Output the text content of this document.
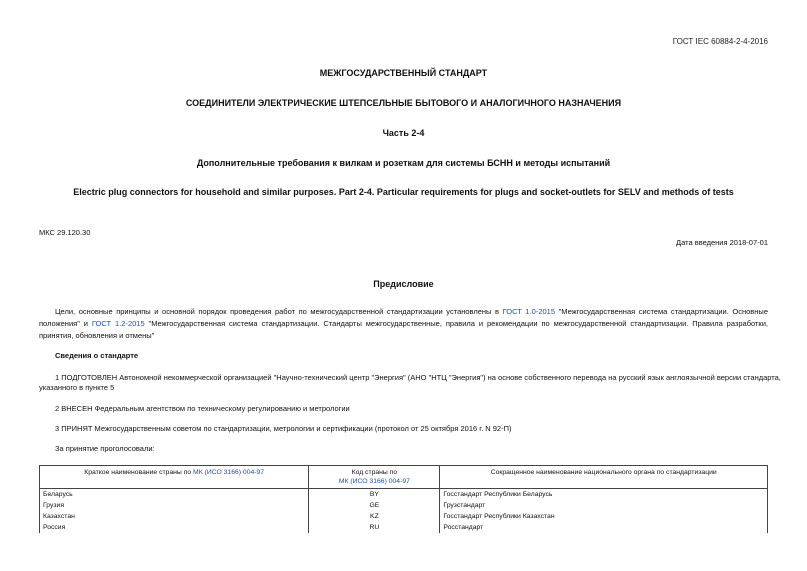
ГОСТ IEC 60884-2-4-2016
МЕЖГОСУДАРСТВЕННЫЙ СТАНДАРТ
СОЕДИНИТЕЛИ ЭЛЕКТРИЧЕСКИЕ ШТЕПСЕЛЬНЫЕ БЫТОВОГО И АНАЛОГИЧНОГО НАЗНАЧЕНИЯ
Часть 2-4
Дополнительные требования к вилкам и розеткам для системы БСНН и методы испытаний
Electric plug connectors for household and similar purposes. Part 2-4. Particular requirements for plugs and socket-outlets for SELV and methods of tests
МКС 29.120.30
Дата введения 2018-07-01
Предисловие
Цели, основные принципы и основной порядок проведения работ по межгосударственной стандартизации установлены в ГОСТ 1.0-2015 "Межгосударственная система стандартизации. Основные положения" и ГОСТ 1.2-2015 "Межгосударственная система стандартизации. Стандарты межгосударственные, правила и рекомендации по межгосударственной стандартизации. Правила разработки, принятия, обновления и отмены"
Сведения о стандарте
1 ПОДГОТОВЛЕН Автономной некоммерческой организацией "Научно-технический центр "Энергия" (АНО "НТЦ "Энергия") на основе собственного перевода на русский язык англоязычной версии стандарта,
указанного в пункте 5
2 ВНЕСЕН Федеральным агентством по техническому регулированию и метрологии
3 ПРИНЯТ Межгосударственным советом по стандартизации, метрологии и сертификации (протокол от 25 октября 2016 г. N 92-П)
За принятие проголосовали:
Краткое наименование страны по МК (ИСО 3166) 004-97	Код страны по
МК (ИСО 3166) 004-97	Сокращенное наименование национального органа по стандартизации
Беларусь	BY	Госстандарт Республики Беларусь
Грузия	GE	Грузстандарт
Казахстан	KZ	Госстандарт Республики Казахстан
Россия	RU	Росстандарт
